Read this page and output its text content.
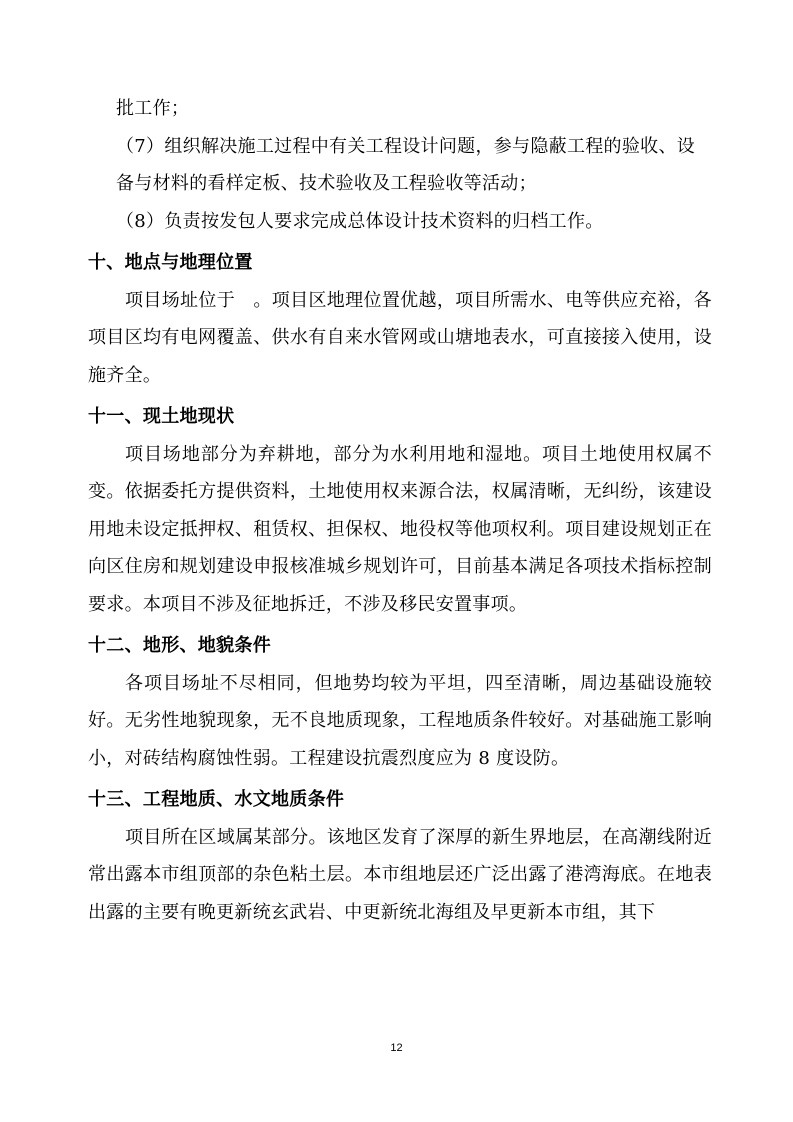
批工作；

（7）组织解决施工过程中有关工程设计问题，参与隐蔽工程的验收、设

备与材料的看样定板、技术验收及工程验收等活动；

（8）负责按发包人要求完成总体设计技术资料的归档工作。

十、地点与地理位置

项目场址位于　。项目区地理位置优越，项目所需水、电等供应充裕，各项目区均有电网覆盖、供水有自来水管网或山塘地表水，可直接接入使用，设施齐全。

十一、现土地现状

项目场地部分为弃耕地，部分为水利用地和湿地。项目土地使用权属不变。依据委托方提供资料，土地使用权来源合法，权属清晰，无纠纷，该建设用地未设定抵押权、租赁权、担保权、地役权等他项权利。项目建设规划正在向区住房和规划建设申报核准城乡规划许可，目前基本满足各项技术指标控制要求。本项目不涉及征地拆迁，不涉及移民安置事项。

十二、地形、地貌条件

各项目场址不尽相同，但地势均较为平坦，四至清晰，周边基础设施较好。无劣性地貌现象，无不良地质现象，工程地质条件较好。对基础施工影响小，对砖结构腐蚀性弱。工程建设抗震烈度应为 8 度设防。

十三、工程地质、水文地质条件

项目所在区域属某部分。该地区发育了深厚的新生界地层，在高潮线附近常出露本市组顶部的杂色粘土层。本市组地层还广泛出露了港湾海底。在地表出露的主要有晚更新统玄武岩、中更新统北海组及早更新本市组，其下

12
